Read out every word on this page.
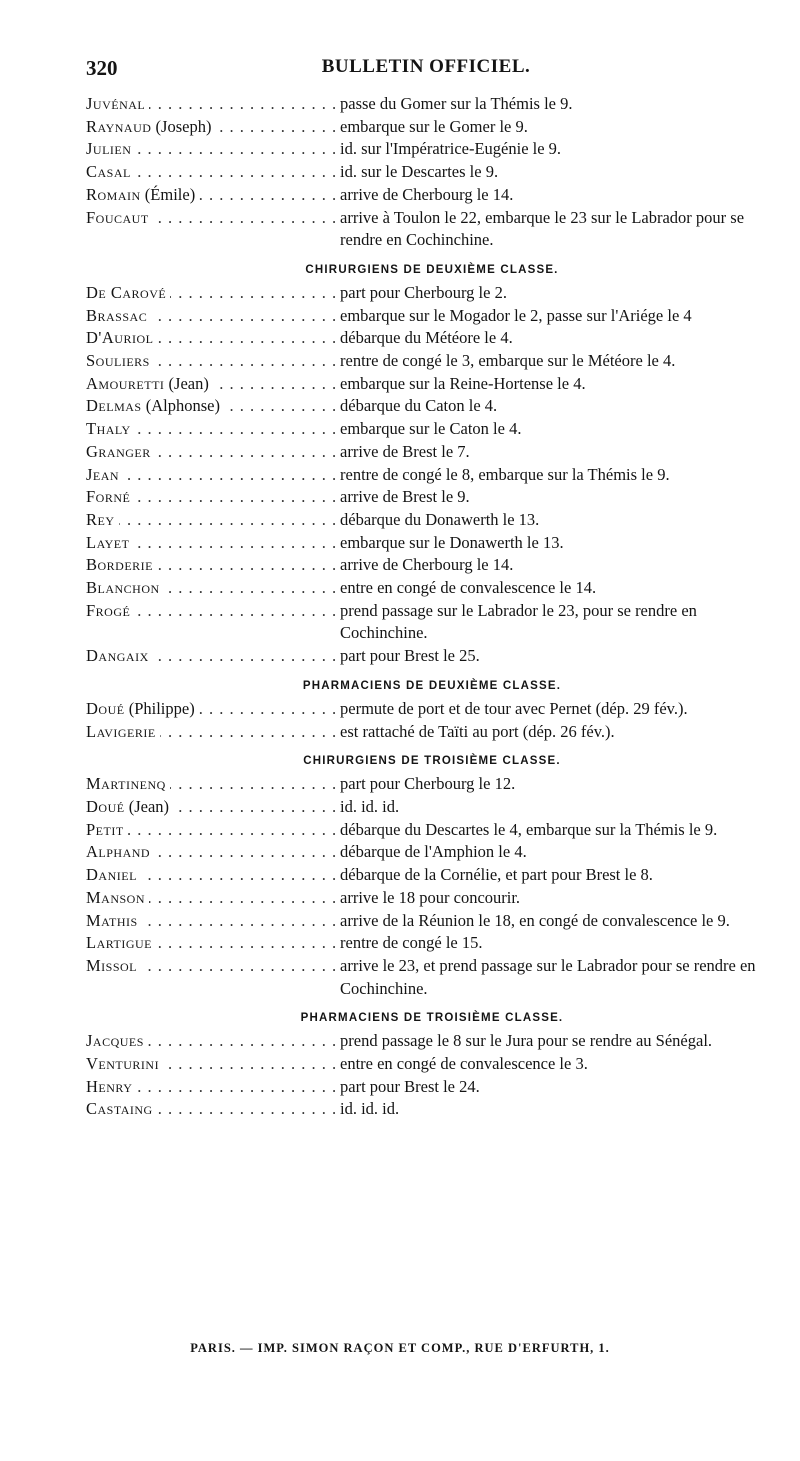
320	BULLETIN OFFICIEL.
Juvénal . . .	passe du Gomer sur la Thémis le 9.
Raynaud (Joseph) . . .	embarque sur le Gomer le 9.
Julien . . .	id. sur l'Impératrice-Eugénie le 9.
Casal . . .	id. sur le Descartes le 9.
Romain (Émile) . . .	arrive de Cherbourg le 14.
Foucaut . . .	arrive à Toulon le 22, embarque le 23 sur le Labrador pour se rendre en Cochinchine.
CHIRURGIENS DE DEUXIÈME CLASSE.
De Carové . . .	part pour Cherbourg le 2.
Brassac . . .	embarque sur le Mogador le 2, passe sur l'Ariége le 4
D'Auriol . . .	débarque du Météore le 4.
Souliers . . .	rentre de congé le 3, embarque sur le Météore le 4.
Amouretti (Jean) . . .	embarque sur la Reine-Hortense le 4.
Delmas (Alphonse) . . .	débarque du Caton le 4.
Thaly . . .	embarque sur le Caton le 4.
Granger . . .	arrive de Brest le 7.
Jean . . .	rentre de congé le 8, embarque sur la Thémis le 9.
Forné . . .	arrive de Brest le 9.
Rey . . .	débarque du Donawerth le 13.
Layet . . .	embarque sur le Donawerth le 13.
Borderie . . .	arrive de Cherbourg le 14.
Blanchon . . .	entre en congé de convalescence le 14.
Frogé . . .	prend passage sur le Labrador le 23, pour se rendre en Cochinchine.
Dangaix . . .	part pour Brest le 25.
PHARMACIENS DE DEUXIÈME CLASSE.
Doué (Philippe) . . .	permute de port et de tour avec Pernet (dép. 29 fév.).
Lavigerie . . .	est rattaché de Taïti au port (dép. 26 fév.).
CHIRURGIENS DE TROISIÈME CLASSE.
Martinenq . . .	part pour Cherbourg le 12.
Doué (Jean) . . .	id. id. id.
Petit . . .	débarque du Descartes le 4, embarque sur la Thémis le 9.
Alphand . . .	débarque de l'Amphion le 4.
Daniel . . .	débarque de la Cornélie, et part pour Brest le 8.
Manson . . .	arrive le 18 pour concourir.
Mathis . . .	arrive de la Réunion le 18, en congé de convalescence le 9.
Lartigue . . .	rentre de congé le 15.
Missol . . .	arrive le 23, et prend passage sur le Labrador pour se rendre en Cochinchine.
PHARMACIENS DE TROISIÈME CLASSE.
Jacques . . .	prend passage le 8 sur le Jura pour se rendre au Sénégal.
Venturini . . .	entre en congé de convalescence le 3.
Henry . . .	part pour Brest le 24.
Castaing . . .	id. id. id.
PARIS. — IMP. SIMON RAÇON ET COMP., RUE D'ERFURTH, 1.
